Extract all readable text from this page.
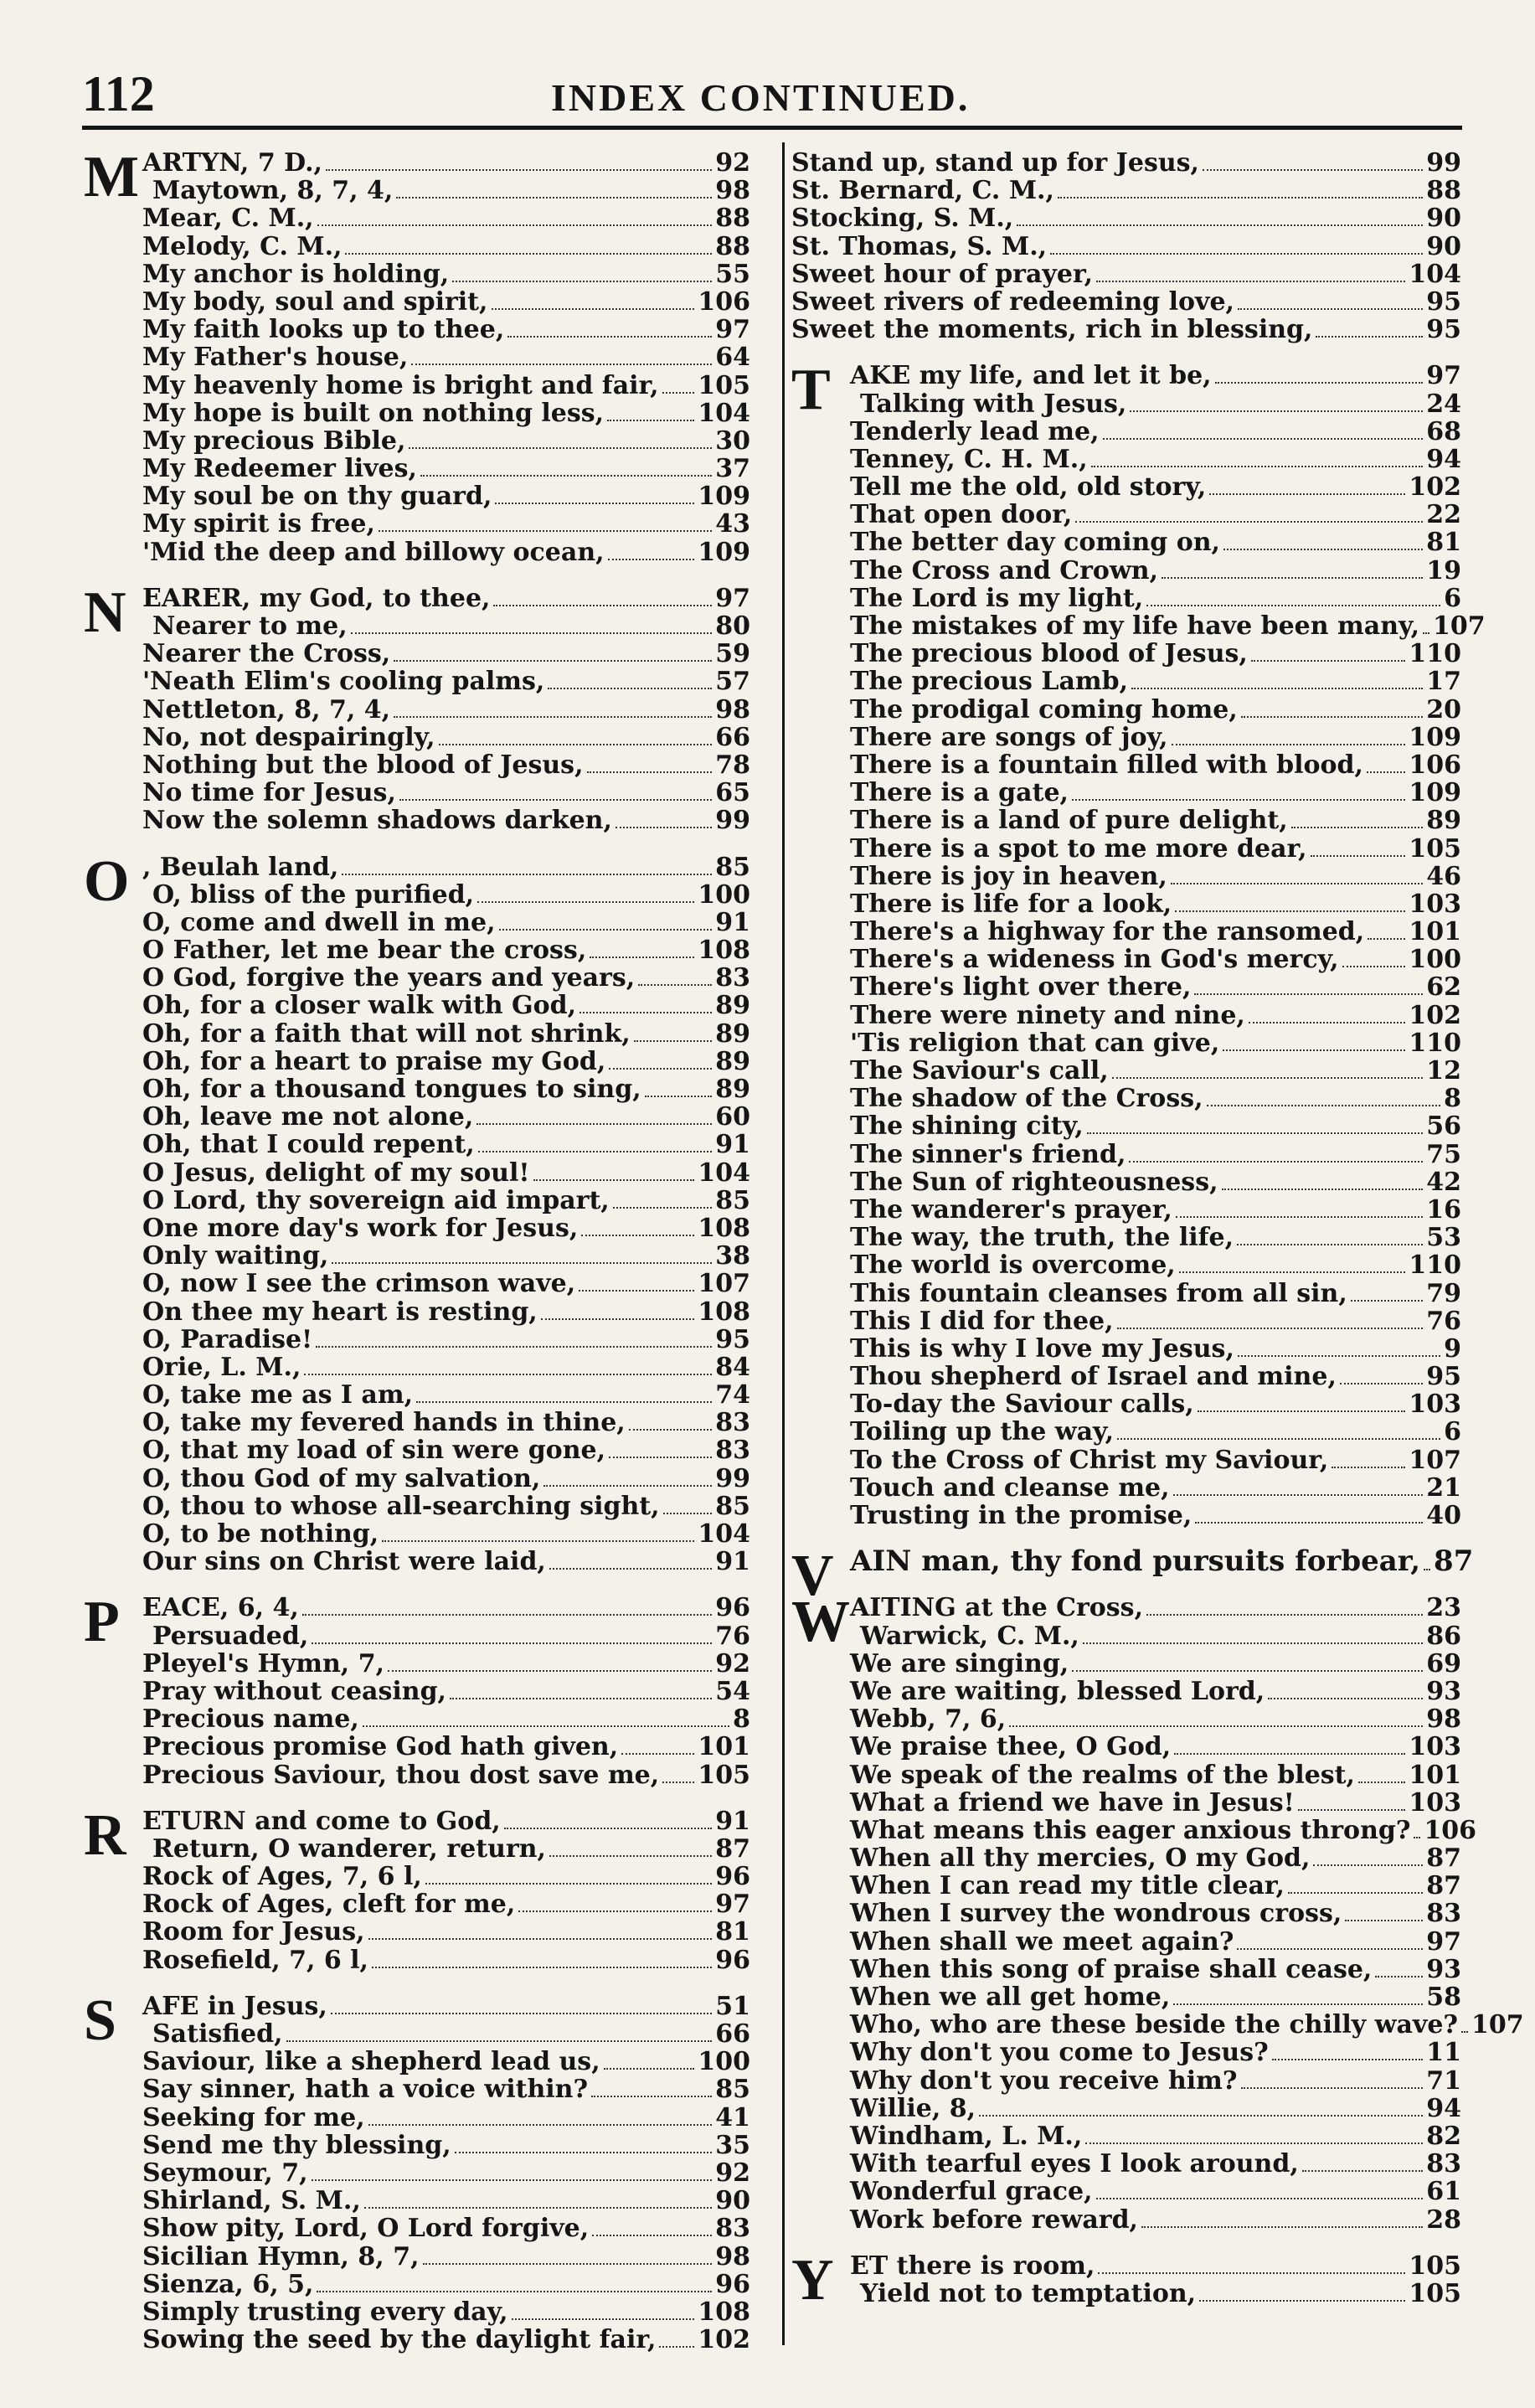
112	INDEX CONTINUED.
M ARTYN, 7 D.,	92
Maytown, 8, 7, 4,	98
Mear, C. M.,	88
Melody, C. M.,	88
My anchor is holding,	55
My body, soul and spirit,	106
My faith looks up to thee,	97
My Father's house,	64
My heavenly home is bright and fair, 105
My hope is built on nothing less,	104
My precious Bible,	30
My Redeemer lives,	37
My soul be on thy guard,	109
My spirit is free,	43
'Mid the deep and billowy ocean,	109
N EARER, my God, to thee,	97
Nearer to me,	80
Nearer the Cross,	59
'Neath Elim's cooling palms,	57
Nettleton, 8, 7, 4,	98
No, not despairingly,	66
Nothing but the blood of Jesus,	78
No time for Jesus,	65
Now the solemn shadows darken,	99
O , Beulah land,	85
O, bliss of the purified,	100
O, come and dwell in me,	91
O Father, let me bear the cross,	108
O God, forgive the years and years,	83
Oh, for a closer walk with God,	89
Oh, for a faith that will not shrink,	89
Oh, for a heart to praise my God,	89
Oh, for a thousand tongues to sing,	89
Oh, leave me not alone,	60
Oh, that I could repent,	91
O Jesus, delight of my soul!	104
O Lord, thy sovereign aid impart,	85
One more day's work for Jesus,	108
Only waiting,	38
O, now I see the crimson wave,	107
On thee my heart is resting,	108
O, Paradise!	95
Orie, L. M.,	84
O, take me as I am,	74
O, take my fevered hands in thine,	83
O, that my load of sin were gone,	83
O, thou God of my salvation,	99
O, thou to whose all-searching sight, 85
O, to be nothing,	104
Our sins on Christ were laid,	91
P EACE, 6, 4,	96
Persuaded,	76
Pleyel's Hymn, 7,	92
Pray without ceasing,	54
Precious name,	8
Precious promise God hath given,	101
Precious Saviour, thou dost save me, 105
R ETURN and come to God,	91
Return, O wanderer, return,	87
Rock of Ages, 7, 6 l,	96
Rock of Ages, cleft for me,	97
Room for Jesus,	81
Rosefield, 7, 6 l,	96
S AFE in Jesus,	51
Satisfied,	66
Saviour, like a shepherd lead us,	100
Say sinner, hath a voice within?	85
Seeking for me,	41
Send me thy blessing,	35
Seymour, 7,	92
Shirland, S. M.,	90
Show pity, Lord, O Lord forgive,	83
Sicilian Hymn, 8, 7,	98
Sienza, 6, 5,	96
Simply trusting every day,	108
Sowing the seed by the daylight fair, 102
Stand up, stand up for Jesus,	99
St. Bernard, C. M.,	88
Stocking, S. M.,	90
St. Thomas, S. M.,	90
Sweet hour of prayer,	104
Sweet rivers of redeeming love,	95
Sweet the moments, rich in blessing,	95
T AKE my life, and let it be,	97
Talking with Jesus,	24
Tenderly lead me,	68
Tenney, C. H. M.,	94
Tell me the old, old story,	102
That open door,	22
The better day coming on,	81
The Cross and Crown,	19
The Lord is my light,	6
The mistakes of my life have been many, 107
The precious blood of Jesus,	110
The precious Lamb,	17
The prodigal coming home,	20
There are songs of joy,	109
There is a fountain filled with blood, 106
There is a gate,	109
There is a land of pure delight,	89
There is a spot to me more dear,	105
There is joy in heaven,	46
There is life for a look,	103
There's a highway for the ransomed, 101
There's a wideness in God's mercy,	100
There's light over there,	62
There were ninety and nine,	102
'Tis religion that can give,	110
The Saviour's call,	12
The shadow of the Cross,	8
The shining city,	56
The sinner's friend,	75
The Sun of righteousness,	42
The wanderer's prayer,	16
The way, the truth, the life,	53
The world is overcome,	110
This fountain cleanses from all sin,	79
This I did for thee,	76
This is why I love my Jesus,	9
Thou shepherd of Israel and mine,	95
To-day the Saviour calls,	103
Toiling up the way,	6
To the Cross of Christ my Saviour,	107
Touch and cleanse me,	21
Trusting in the promise,	40
V AIN man, thy fond pursuits forbear, 87
W AITING at the Cross,	23
Warwick, C. M.,	86
We are singing,	69
We are waiting, blessed Lord,	93
Webb, 7, 6,	98
We praise thee, O God,	103
We speak of the realms of the blest, 101
What a friend we have in Jesus!	103
What means this eager anxious throng? 106
When all thy mercies, O my God,	87
When I can read my title clear,	87
When I survey the wondrous cross,	83
When shall we meet again?	97
When this song of praise shall cease, 93
When we all get home,	58
Who, who are these beside the chilly wave? 107
Why don't you come to Jesus?	11
Why don't you receive him?	71
Willie, 8,	94
Windham, L. M.,	82
With tearful eyes I look around,	83
Wonderful grace,	61
Work before reward,	28
Y ET there is room,	105
Yield not to temptation,	105
